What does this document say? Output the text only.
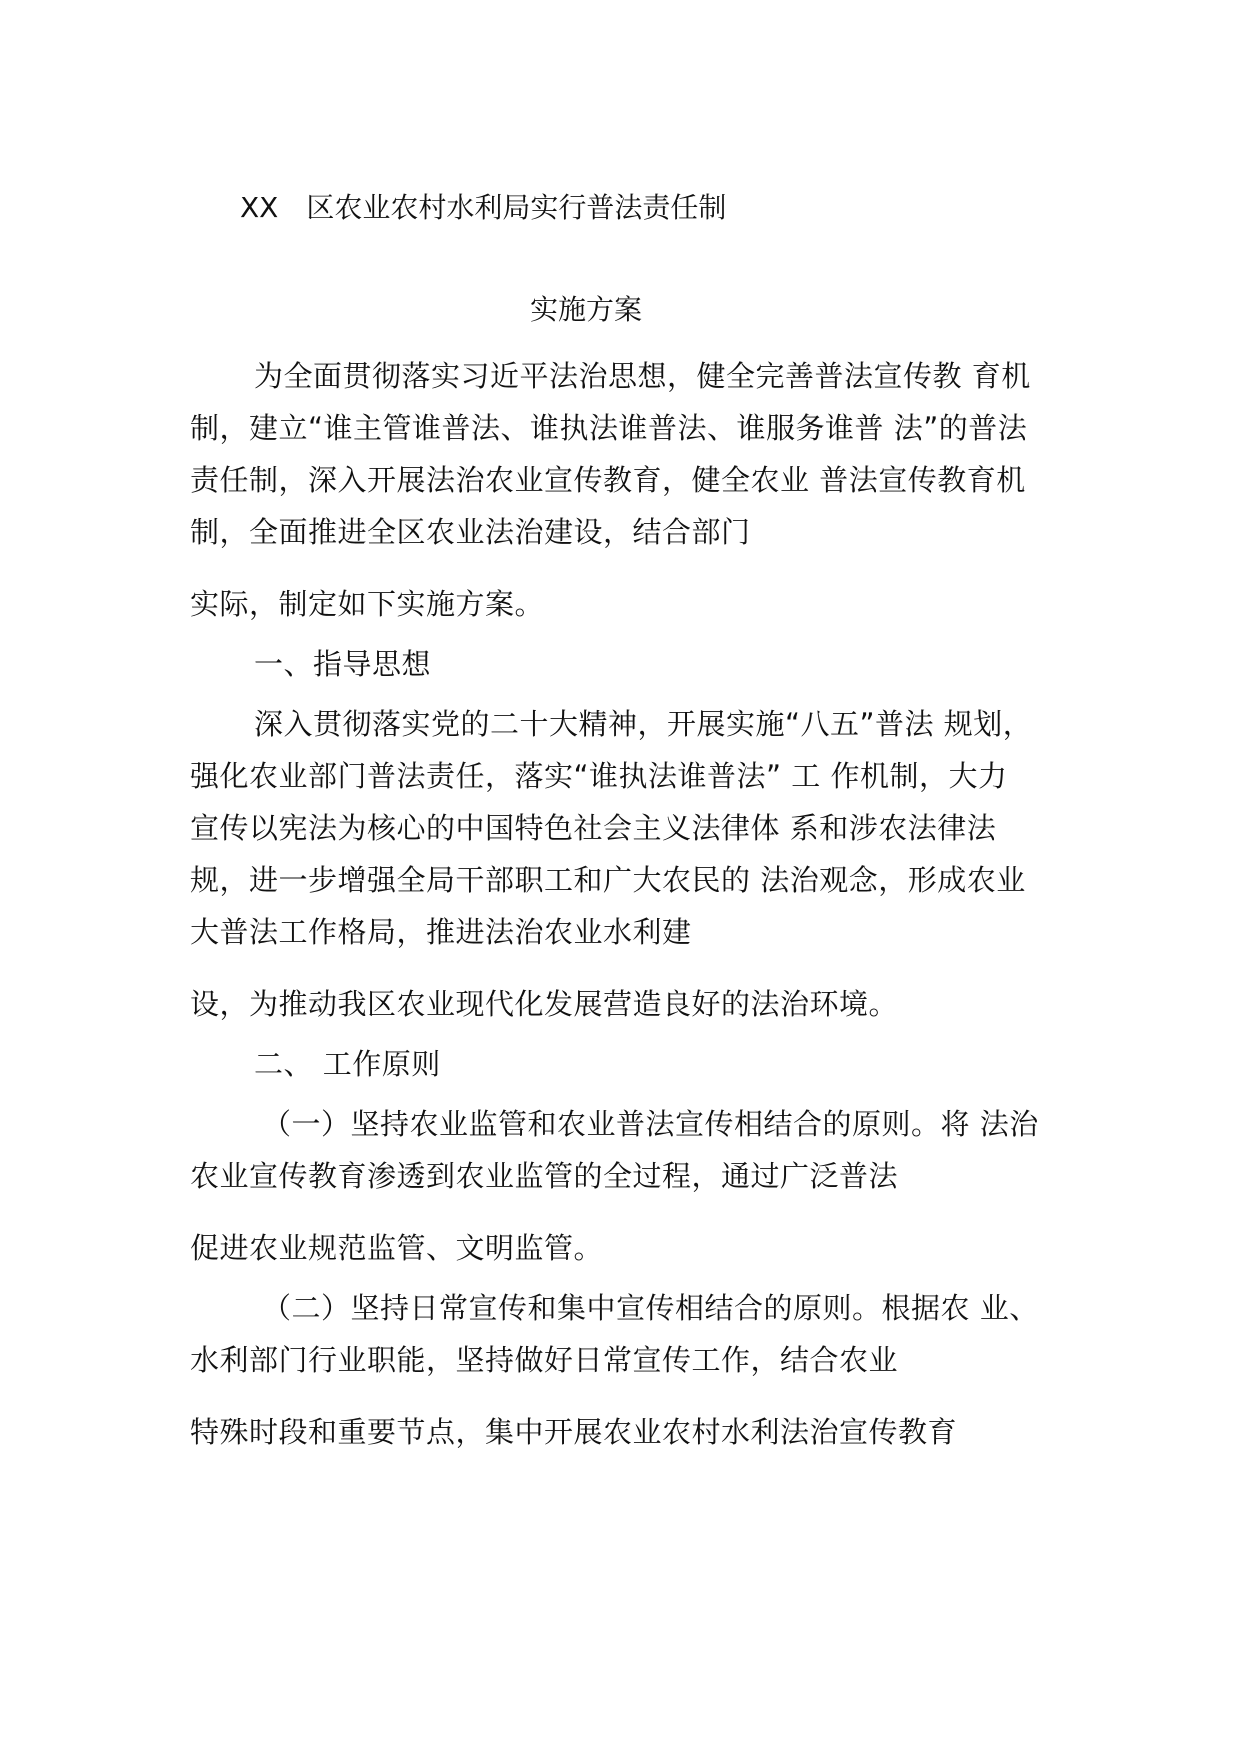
XX　区农业农村水利局实行普法责任制
实施方案
为全面贯彻落实习近平法治思想，健全完善普法宣传教 育机
制，建立“谁主管谁普法、谁执法谁普法、谁服务谁普 法”的普法
责任制，深入开展法治农业宣传教育，健全农业 普法宣传教育机
制，全面推进全区农业法治建设，结合部门
实际，制定如下实施方案。
一、指导思想
深入贯彻落实党的二十大精神，开展实施“八五”普法 规划，
强化农业部门普法责任，落实“谁执法谁普法” 工 作机制，大力
宣传以宪法为核心的中国特色社会主义法律体 系和涉农法律法
规，进一步增强全局干部职工和广大农民的 法治观念，形成农业
大普法工作格局，推进法治农业水利建
设，为推动我区农业现代化发展营造良好的法治环境。
二、 工作原则
（一）坚持农业监管和农业普法宣传相结合的原则。将 法治
农业宣传教育渗透到农业监管的全过程，通过广泛普法
促进农业规范监管、文明监管。
（二）坚持日常宣传和集中宣传相结合的原则。根据农 业、
水利部门行业职能，坚持做好日常宣传工作，结合农业
特殊时段和重要节点，集中开展农业农村水利法治宣传教育
